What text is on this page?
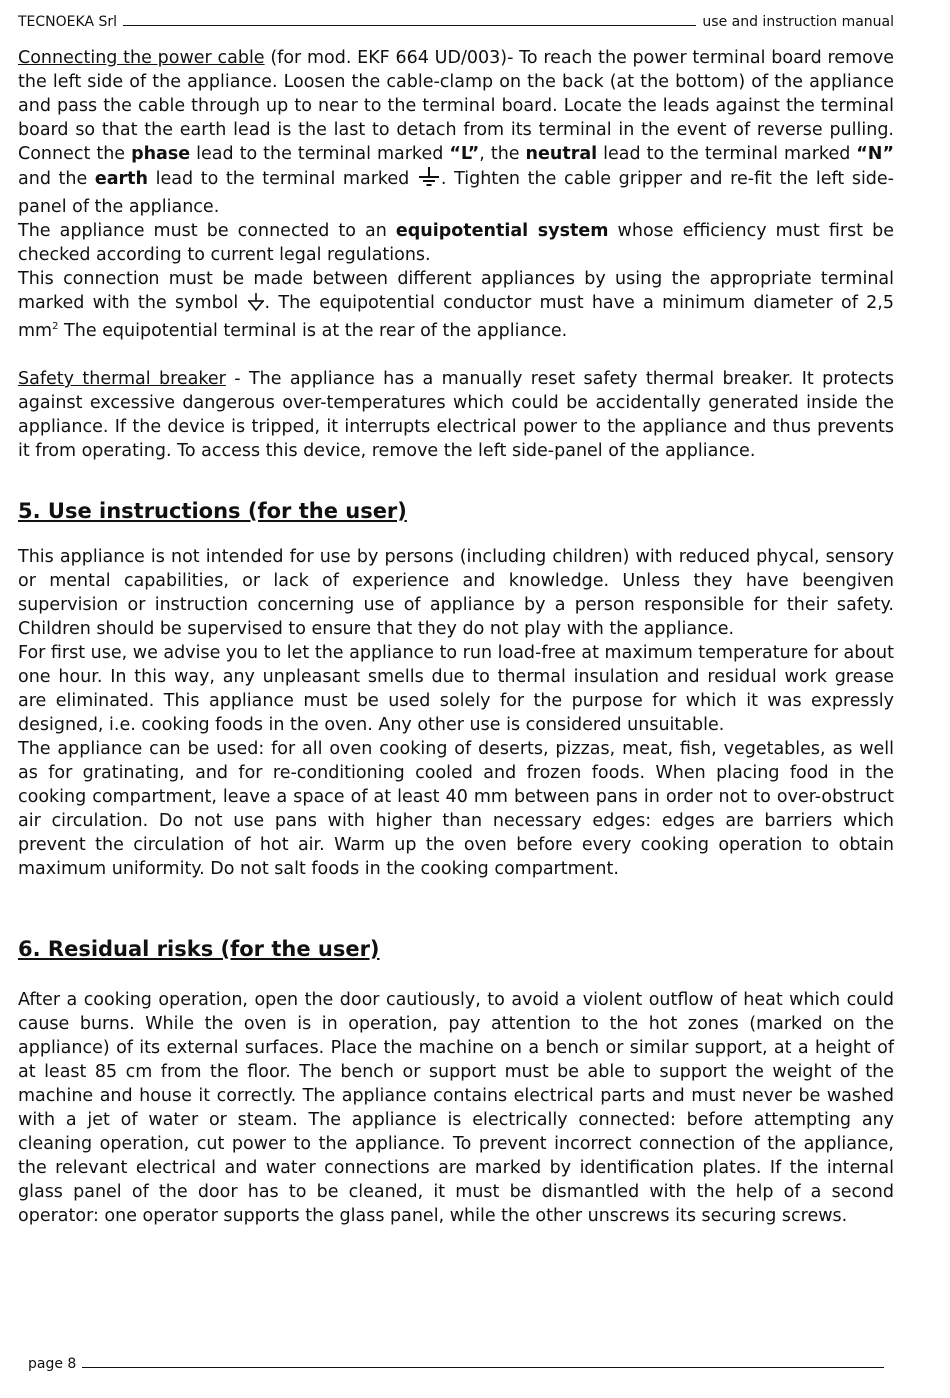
TECNOEKA Srl	use and instruction manual

Connecting the power cable (for mod. EKF 664 UD/003)- To reach the power terminal board remove the left side of the appliance. Loosen the cable-clamp on the back (at the bottom) of the appliance and pass the cable through up to near to the terminal board. Locate the leads against the terminal board so that the earth lead is the last to detach from its terminal in the event of reverse pulling. Connect the phase lead to the terminal marked “L”, the neutral lead to the terminal marked “N” and the earth lead to the terminal marked . Tighten the cable gripper and re-fit the left side-panel of the appliance.

The appliance must be connected to an equipotential system whose efficiency must first be checked according to current legal regulations.

This connection must be made between different appliances by using the appropriate terminal marked with the symbol . The equipotential conductor must have a minimum diameter of 2,5 $mm^2$ The equipotential terminal is at the rear of the appliance.

Safety thermal breaker - The appliance has a manually reset safety thermal breaker. It protects against excessive dangerous over-temperatures which could be accidentally generated inside the appliance. If the device is tripped, it interrupts electrical power to the appliance and thus prevents it from operating. To access this device, remove the left side-panel of the appliance.

5. Use instructions (for the user)

This appliance is not intended for use by persons (including children) with reduced phycal, sensory or mental capabilities, or lack of experience and knowledge. Unless they have beengiven supervision or instruction concerning use of appliance by a person responsible for their safety. Children should be supervised to ensure that they do not play with the appliance.

For first use, we advise you to let the appliance to run load-free at maximum temperature for about one hour. In this way, any unpleasant smells due to thermal insulation and residual work grease are eliminated. This appliance must be used solely for the purpose for which it was expressly designed, i.e. cooking foods in the oven. Any other use is considered unsuitable.

The appliance can be used: for all oven cooking of deserts, pizzas, meat, fish, vegetables, as well as for gratinating, and for re-conditioning cooled and frozen foods. When placing food in the cooking compartment, leave a space of at least 40 mm between pans in order not to over-obstruct air circulation. Do not use pans with higher than necessary edges: edges are barriers which prevent the circulation of hot air. Warm up the oven before every cooking operation to obtain maximum uniformity. Do not salt foods in the cooking compartment.

6. Residual risks (for the user)

After a cooking operation, open the door cautiously, to avoid a violent outflow of heat which could cause burns. While the oven is in operation, pay attention to the hot zones (marked on the appliance) of its external surfaces. Place the machine on a bench or similar support, at a height of at least 85 cm from the floor. The bench or support must be able to support the weight of the machine and house it correctly. The appliance contains electrical parts and must never be washed with a jet of water or steam. The appliance is electrically connected: before attempting any cleaning operation, cut power to the appliance. To prevent incorrect connection of the appliance, the relevant electrical and water connections are marked by identification plates. If the internal glass panel of the door has to be cleaned, it must be dismantled with the help of a second operator: one operator supports the glass panel, while the other unscrews its securing screws.

page 8
